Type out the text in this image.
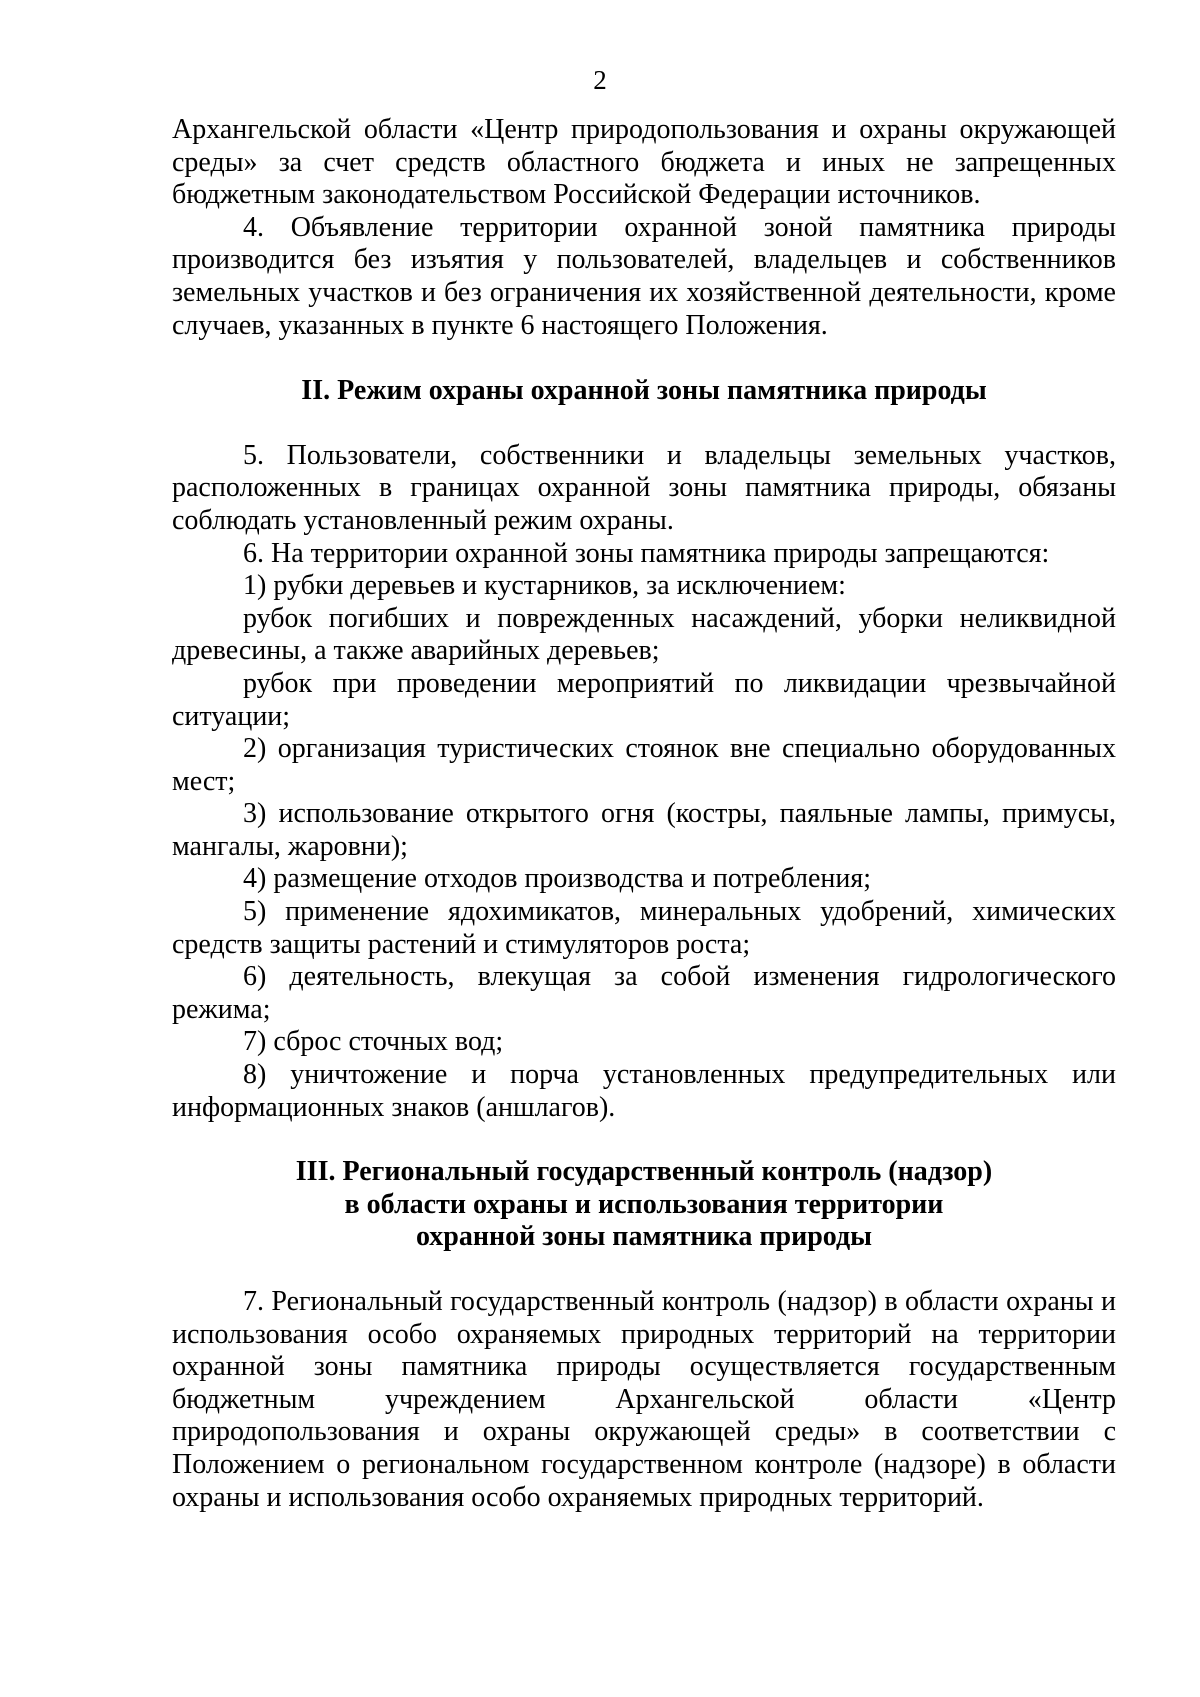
2

Архангельской области «Центр природопользования и охраны окружающей среды» за счет средств областного бюджета и иных не запрещенных бюджетным законодательством Российской Федерации источников.

4. Объявление территории охранной зоной памятника природы производится без изъятия у пользователей, владельцев и собственников земельных участков и без ограничения их хозяйственной деятельности, кроме случаев, указанных в пункте 6 настоящего Положения.

II. Режим охраны охранной зоны памятника природы

5. Пользователи, собственники и владельцы земельных участков, расположенных в границах охранной зоны памятника природы, обязаны соблюдать установленный режим охраны.

6. На территории охранной зоны памятника природы запрещаются:

1) рубки деревьев и кустарников, за исключением:

рубок погибших и поврежденных насаждений, уборки неликвидной древесины, а также аварийных деревьев;

рубок при проведении мероприятий по ликвидации чрезвычайной ситуации;

2) организация туристических стоянок вне специально оборудованных мест;

3) использование открытого огня (костры, паяльные лампы, примусы, мангалы, жаровни);

4) размещение отходов производства и потребления;

5) применение ядохимикатов, минеральных удобрений, химических средств защиты растений и стимуляторов роста;

6) деятельность, влекущая за собой изменения гидрологического режима;

7) сброс сточных вод;

8) уничтожение и порча установленных предупредительных или информационных знаков (аншлагов).

III. Региональный государственный контроль (надзор)
в области охраны и использования территории
охранной зоны памятника природы

7. Региональный государственный контроль (надзор) в области охраны и использования особо охраняемых природных территорий на территории охранной зоны памятника природы осуществляется государственным бюджетным учреждением Архангельской области «Центр природопользования и охраны окружающей среды» в соответствии с Положением о региональном государственном контроле (надзоре) в области охраны и использования особо охраняемых природных территорий.
